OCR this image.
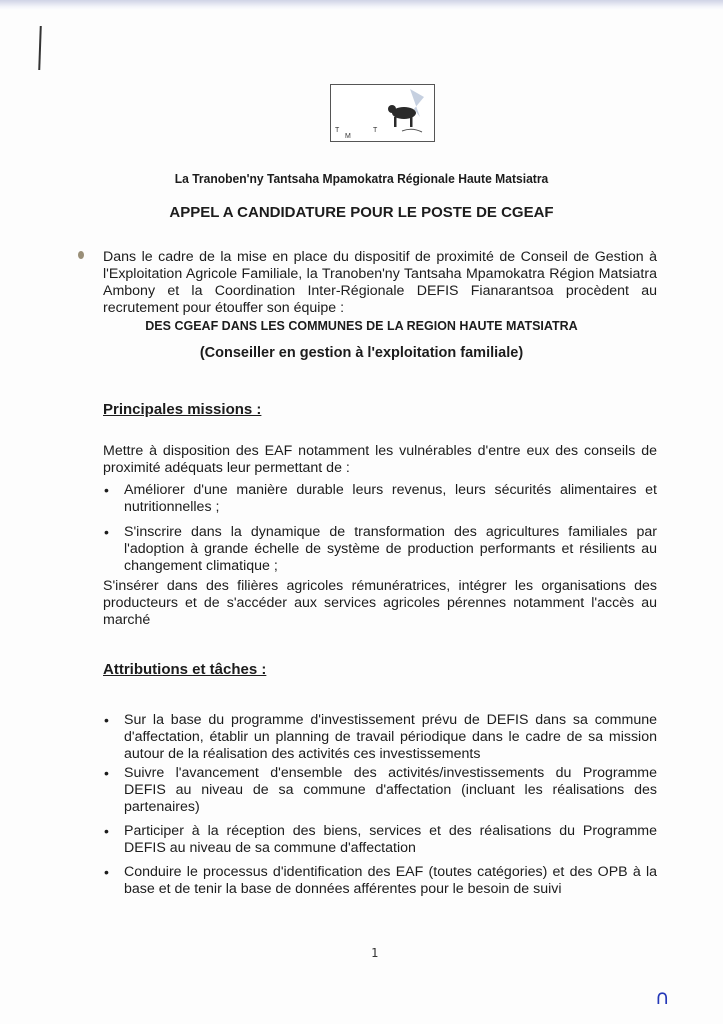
T
M
T
La Tranoben'ny Tantsaha Mpamokatra Régionale Haute Matsiatra
APPEL A CANDIDATURE POUR LE POSTE DE CGEAF
Dans le cadre de la mise en place du dispositif de proximité de Conseil de Gestion à l'Exploitation Agricole Familiale, la Tranoben'ny Tantsaha Mpamokatra Région Matsiatra Ambony et la Coordination Inter-Régionale DEFIS Fianarantsoa procèdent au recrutement pour étouffer son équipe :
DES CGEAF DANS LES COMMUNES DE LA REGION HAUTE MATSIATRA
(Conseiller en gestion à l'exploitation familiale)
Principales missions :
Mettre à disposition des EAF notamment les vulnérables d'entre eux des conseils de proximité adéquats leur permettant de :
• Améliorer d'une manière durable leurs revenus, leurs sécurités alimentaires et nutritionnelles ;
• S'inscrire dans la dynamique de transformation des agricultures familiales par l'adoption à grande échelle de système de production performants et résilients au changement climatique ;
S'insérer dans des filières agricoles rémunératrices, intégrer les organisations des producteurs et de s'accéder aux services agricoles pérennes notamment l'accès au marché
Attributions et tâches :
• Sur la base du programme d'investissement prévu de DEFIS dans sa commune d'affectation, établir un planning de travail périodique dans le cadre de sa mission autour de la réalisation des activités ces investissements
• Suivre l'avancement d'ensemble des activités/investissements du Programme DEFIS au niveau de sa commune d'affectation (incluant les réalisations des partenaires)
• Participer à la réception des biens, services et des réalisations du Programme DEFIS au niveau de sa commune d'affectation
• Conduire le processus d'identification des EAF (toutes catégories) et des OPB à la base et de tenir la base de données afférentes pour le besoin de suivi
1
∩
